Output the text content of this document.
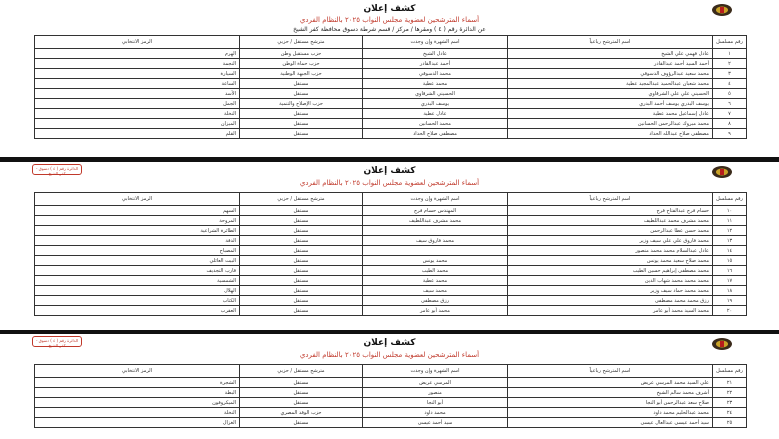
كشف إعلان
أسماء المترشحين لعضوية مجلس النواب ٢٠٢٥ بالنظام الفردي
عن الدائرة رقم ( ٤ ) ومقرها / مركز / قسم شرطة دسوق محافظة كفر الشيخ
رقم مسلسل	اسم المترشح رباعياً	اسم الشهرة وإن وجدت	مترشح مستقل / حزبي	الرمز الانتخابي
١	عادل فهمي علي الشيخ	عادل الشيخ	حزب مستقبل وطن	الهرم
٢	أحمد السيد أحمد عبدالقادر	أحمد عبدالقادر	حزب حماة الوطن	النجمة
٣	محمد سعيد عبدالرؤوف الدسوقي	محمد الدسوقي	حزب الجبهة الوطنية	السيارة
٤	محمد شعبان عبدالحميد عبدالمجيد عطية	محمد عطية	مستقل	الساعة
٥	الحسيني علي علي الشرقاوي	الحسيني الشرقاوي	مستقل	الأسد
٦	يوسف البدري يوسف أحمد البدري	يوسف البدري	حزب الإصلاح والتنمية	الجمل
٧	عادل إسماعيل محمد عطية	عادل عطية	مستقل	النخلة
٨	محمد مبروك عبدالرحمن الحسانين	محمد الحسانين	مستقل	الميزان
٩	مصطفى صلاح عبدالله الحداد	مصطفى صلاح الحداد	مستقل	القلم
الدائرة رقم ( ٤ ) دسوق - كفر الشيخ	كشف إعلان
أسماء المترشحين لعضوية مجلس النواب ٢٠٢٥ بالنظام الفردي
رقم مسلسل	اسم المترشح رباعياً	اسم الشهرة وإن وجدت	مترشح مستقل / حزبي	الرمز الانتخابي
١٠	حسام فرج عبدالفتاح فرج	المهندس حسام فرج	مستقل	السهم
١١	محمد مشرف محمد عبداللطيف	محمد مشرف عبداللطيف	مستقل	المروحة
١٢	محمد حسن عطا عبدالرحمن		مستقل	الطائرة الشراعية
١٣	محمد فاروق علي علي سيف وزير	محمد فاروق سيف	مستقل	الدفة
١٤	عادل عبدالسلام محمد محمد منصور		مستقل	المصباح
١٥	محمد صلاح سعيد محمد يونس	محمد يونس	مستقل	البيت العائلي
١٦	محمد مصطفى إبراهيم حسين الطيب	محمد الطيب	مستقل	قارب التجديف
١٧	محمد محمد محمد شهاب الدين	محمد عطية	مستقل	الشمسية
١٨	محمد محمد حماد سيف وزير	محمد سيف	مستقل	الهلال
١٩	رزق محمد محمد مصطفى	رزق مصطفى	مستقل	الكتاب
٢٠	محمد السيد محمد أبو عامر	محمد أبو عامر	مستقل	العقرب
الدائرة رقم ( ٤ ) دسوق - كفر الشيخ	كشف إعلان
أسماء المترشحين لعضوية مجلس النواب ٢٠٢٥ بالنظام الفردي
رقم مسلسل	اسم المترشح رباعياً	اسم الشهرة وإن وجدت	مترشح مستقل / حزبي	الرمز الانتخابي
٢١	علي السيد محمد المرسي عريض	المرسي عريض	مستقل	الشجرة
٢٢	أشرف محمد سالم الشيخ	منصور	مستقل	البطة
٢٣	صلاح سعد عبدالرحمن أبو النجا	أبو النجا	مستقل	الميكروفون
٢٤	محمد عبدالحليم محمد داود	محمد داود	حزب الوفد المصري	النخلة
٢٥	سيد أحمد عيسى عبدالعال عيسى	سيد أحمد عيسى	مستقل	الغزال
